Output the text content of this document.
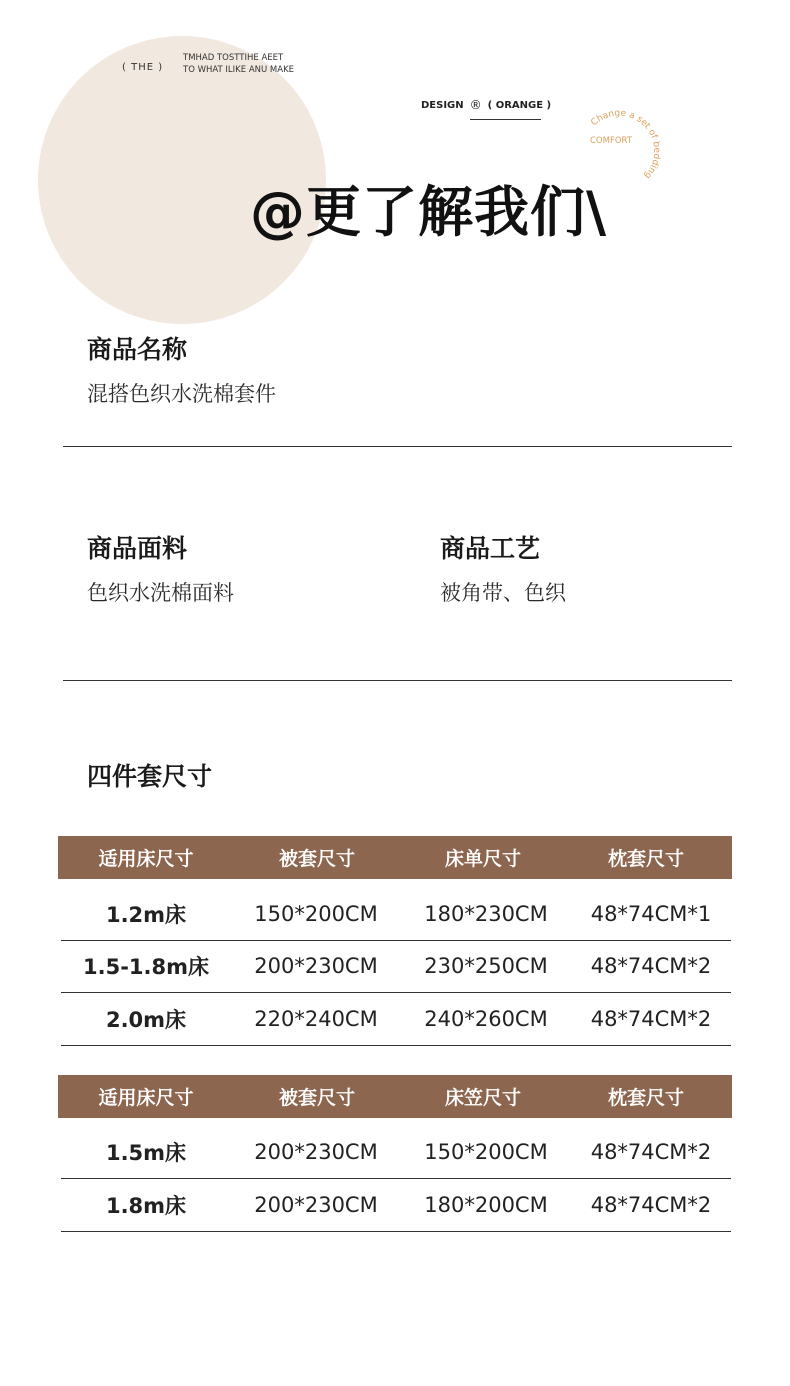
( THE )
TMHAD TOSTTIHE AEET
TO WHAT ILIKE ANU MAKE
DESIGN ® ( ORANGE )
Change a set of bedding
COMFORT
@更了解我们\
商品名称
混搭色织水洗棉套件
商品面料
色织水洗棉面料
商品工艺
被角带、色织
四件套尺寸
适用床尺寸	被套尺寸	床单尺寸	枕套尺寸
1.2m床	150*200CM	180*230CM	48*74CM*1
1.5-1.8m床	200*230CM	230*250CM	48*74CM*2
2.0m床	220*240CM	240*260CM	48*74CM*2
适用床尺寸	被套尺寸	床笠尺寸	枕套尺寸
1.5m床	200*230CM	150*200CM	48*74CM*2
1.8m床	200*230CM	180*200CM	48*74CM*2
